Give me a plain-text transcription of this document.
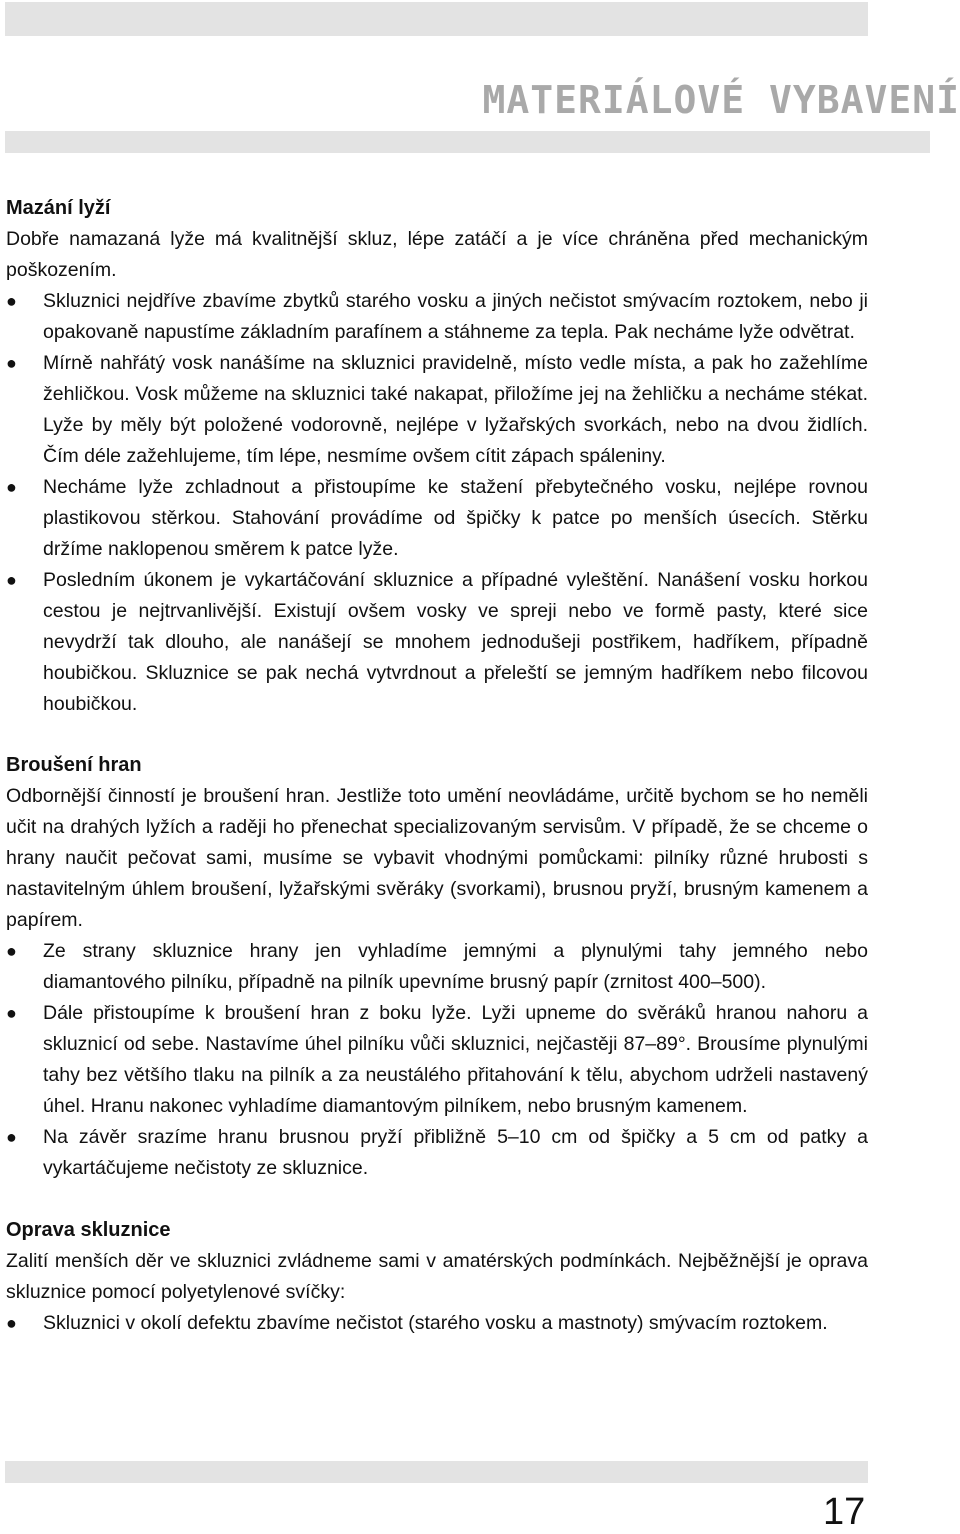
MATERIÁLOVÉ VYBAVENÍ
Mazání lyží

Dobře namazaná lyže má kvalitnější skluz, lépe zatáčí a je více chráněna před mechanickým poškozením.

●	Skluznici nejdříve zbavíme zbytků starého vosku a jiných nečistot smývacím roztokem, nebo ji opakovaně napustíme základním parafínem a stáhneme za tepla. Pak necháme lyže odvětrat.
●	Mírně nahřátý vosk nanášíme na skluznici pravidelně, místo vedle místa, a pak ho zažehlíme žehličkou. Vosk můžeme na skluznici také nakapat, přiložíme jej na žehličku a necháme stékat. Lyže by měly být položené vodorovně, nejlépe v lyžařských svorkách, nebo na dvou židlích. Čím déle zažehlujeme, tím lépe, nesmíme ovšem cítit zápach spáleniny.
●	Necháme lyže zchladnout a přistoupíme ke stažení přebytečného vosku, nejlépe rovnou plastikovou stěrkou. Stahování provádíme od špičky k patce po menších úsecích. Stěrku držíme naklopenou směrem k patce lyže.
●	Posledním úkonem je vykartáčování skluznice a případné vyleštění. Nanášení vosku horkou cestou je nejtrvanlivější. Existují ovšem vosky ve spreji nebo ve formě pasty, které sice nevydrží tak dlouho, ale nanášejí se mnohem jednodušeji postřikem, hadříkem, případně houbičkou. Skluznice se pak nechá vytvrdnout a přeleští se jemným hadříkem nebo filcovou houbičkou.
Broušení hran

Odbornější činností je broušení hran. Jestliže toto umění neovládáme, určitě bychom se ho neměli učit na drahých lyžích a raději ho přenechat specializovaným servisům. V případě, že se chceme o hrany naučit pečovat sami, musíme se vybavit vhodnými pomůckami: pilníky různé hrubosti s nastavitelným úhlem broušení, lyžařskými svěráky (svorkami), brusnou pryží, brusným kamenem a papírem.

●	Ze strany skluznice hrany jen vyhladíme jemnými a plynulými tahy jemného nebo diamantového pilníku, případně na pilník upevníme brusný papír (zrnitost 400–500).
●	Dále přistoupíme k broušení hran z boku lyže. Lyži upneme do svěráků hranou nahoru a skluznicí od sebe. Nastavíme úhel pilníku vůči skluznici, nejčastěji 87–89°. Brousíme plynulými tahy bez většího tlaku na pilník a za neustálého přitahování k tělu, abychom udrželi nastavený úhel. Hranu nakonec vyhladíme diamantovým pilníkem, nebo brusným kamenem.
●	Na závěr srazíme hranu brusnou pryží přibližně 5–10 cm od špičky a 5 cm od patky a vykartáčujeme nečistoty ze skluznice.
Oprava skluznice

Zalití menších děr ve skluznici zvládneme sami v amatérských podmínkách. Nejběžnější je oprava skluznice pomocí polyetylenové svíčky:

●	Skluznici v okolí defektu zbavíme nečistot (starého vosku a mastnoty) smývacím roztokem.

17
